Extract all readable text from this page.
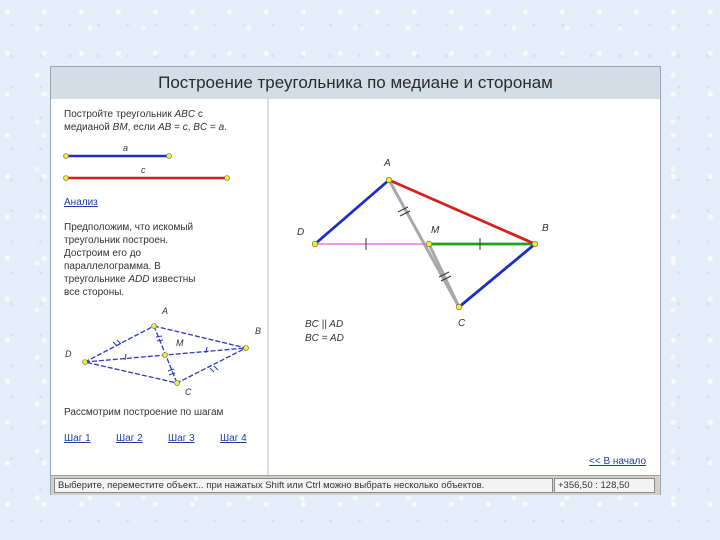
Построение треугольника по медиане и сторонам
Постройте треугольник ABC с
медианой BM, если AB = c, BC = a.
a
c
Анализ
Предположим, что искомый
треугольник построен.
Достроим его до
параллелограмма. В
треугольнике ADD известны
все стороны.
A
B
C
D
M
Рассмотрим построение по шагам
Шаг 1	Шаг 2	Шаг 3	Шаг 4
A
B
C
D	M
BC || AD
BC = AD
<< В начало
Выберите, переместите объект... при нажатых Shift или Ctrl можно выбрать несколько объектов.	+356,50 : 128,50
